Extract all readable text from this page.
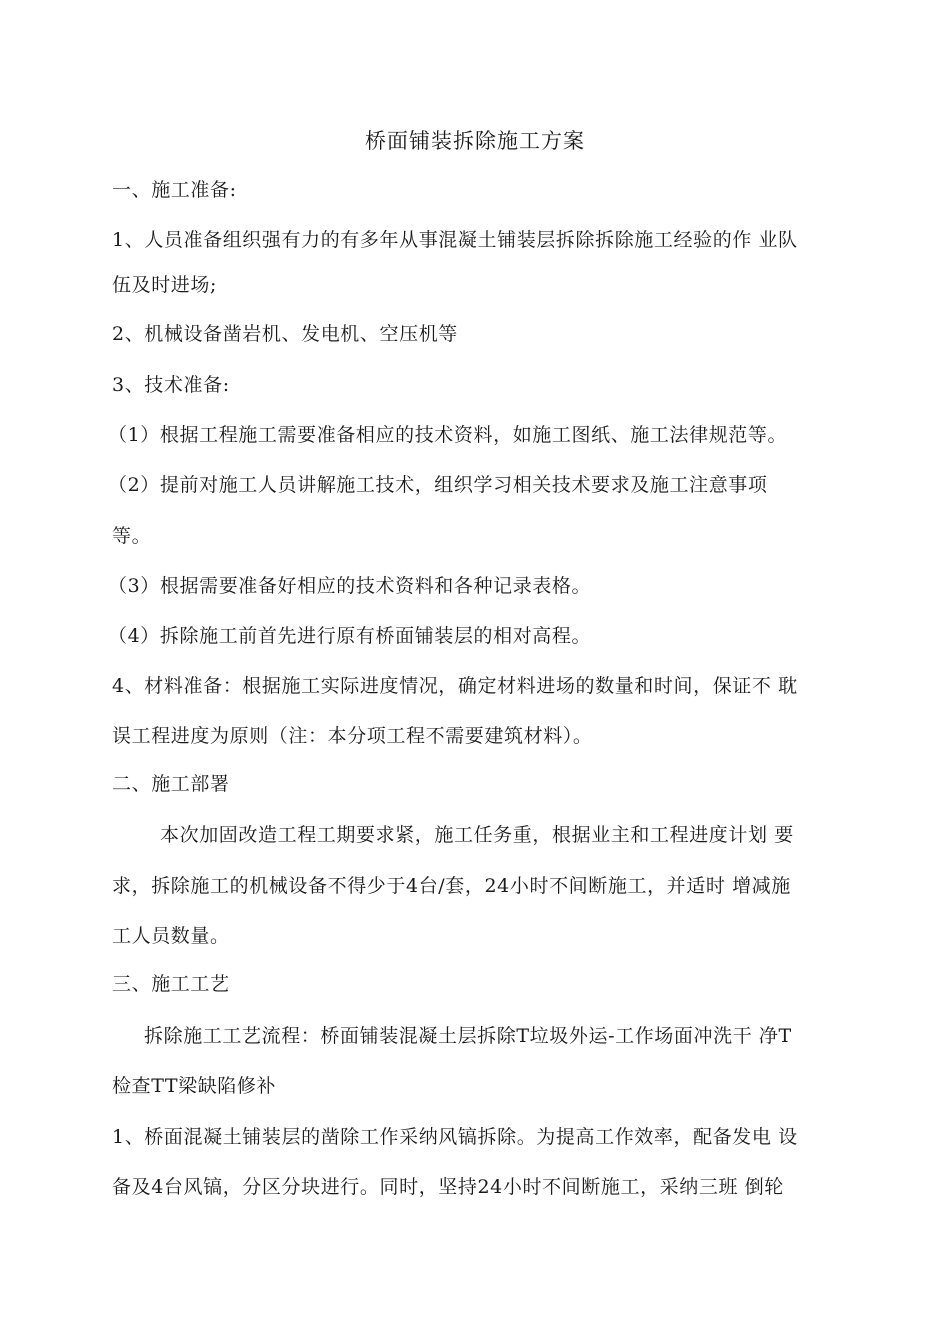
桥面铺装拆除施工方案
一、施工准备:
1、人员准备组织强有力的有多年从事混凝土铺装层拆除拆除施工经验的作 业队
伍及时进场;
2、机械设备凿岩机、发电机、空压机等
3、技术准备:
（1）根据工程施工需要准备相应的技术资料，如施工图纸、施工法律规范等。
（2）提前对施工人员讲解施工技术，组织学习相关技术要求及施工注意事项
等。
（3）根据需要准备好相应的技术资料和各种记录表格。
（4）拆除施工前首先进行原有桥面铺装层的相对高程。
4、材料准备：根据施工实际进度情况，确定材料进场的数量和时间，保证不 耽
误工程进度为原则（注：本分项工程不需要建筑材料）。
二、施工部署
本次加固改造工程工期要求紧，施工任务重，根据业主和工程进度计划 要
求，拆除施工的机械设备不得少于4台/套，24小时不间断施工，并适时 增减施
工人员数量。
三、施工工艺
拆除施工工艺流程：桥面铺装混凝土层拆除T垃圾外运-工作场面冲洗干 净T
检查TT梁缺陷修补
1、桥面混凝土铺装层的凿除工作采纳风镐拆除。为提高工作效率，配备发电 设
备及4台风镐，分区分块进行。同时，坚持24小时不间断施工，采纳三班 倒轮
